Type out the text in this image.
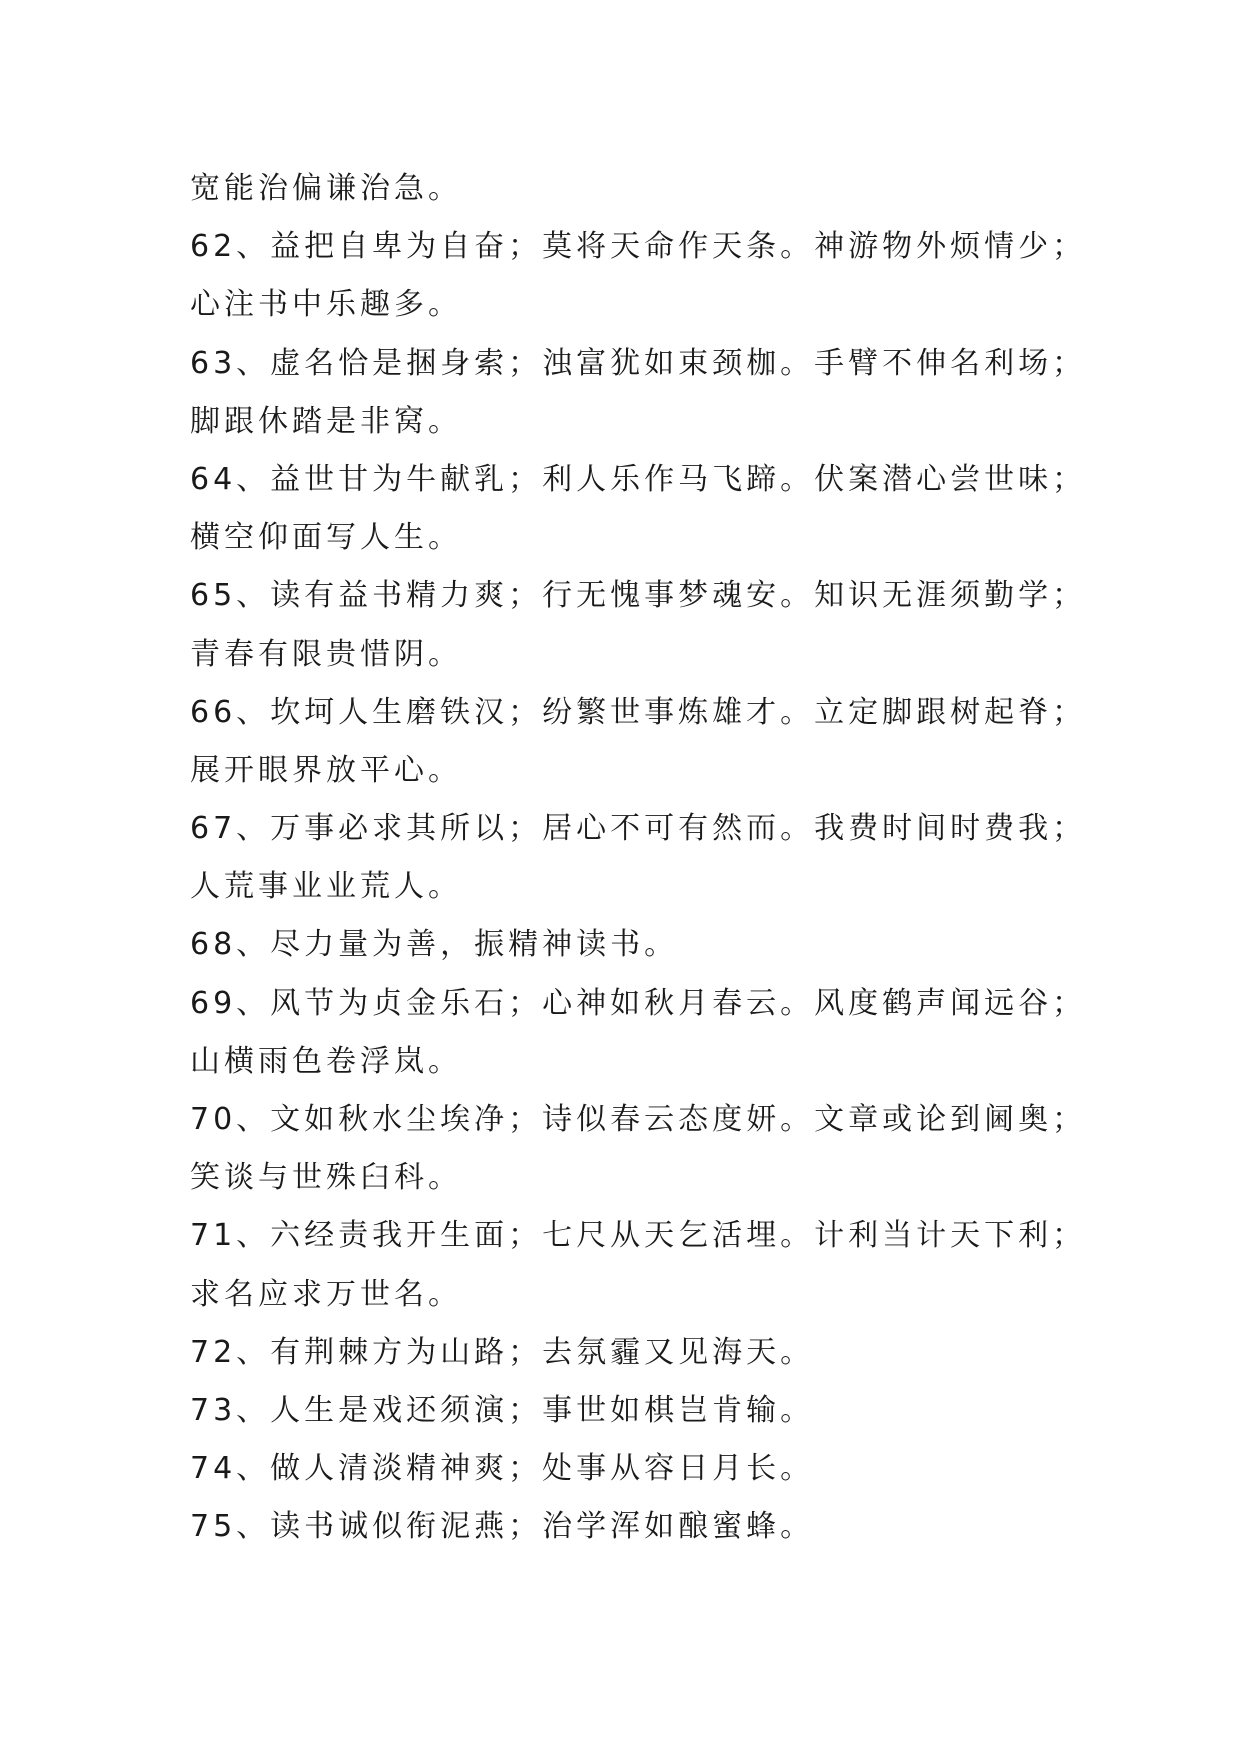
宽能治偏谦治急。
62、益把自卑为自奋；莫将天命作天条。神游物外烦情少；
心注书中乐趣多。
63、虚名恰是捆身索；浊富犹如束颈枷。手臂不伸名利场；
脚跟休踏是非窝。
64、益世甘为牛献乳；利人乐作马飞蹄。伏案潜心尝世味；
横空仰面写人生。
65、读有益书精力爽；行无愧事梦魂安。知识无涯须勤学；
青春有限贵惜阴。
66、坎坷人生磨铁汉；纷繁世事炼雄才。立定脚跟树起脊；
展开眼界放平心。
67、万事必求其所以；居心不可有然而。我费时间时费我；
人荒事业业荒人。
68、尽力量为善，振精神读书。
69、风节为贞金乐石；心神如秋月春云。风度鹤声闻远谷；
山横雨色卷浮岚。
70、文如秋水尘埃净；诗似春云态度妍。文章或论到阃奥；
笑谈与世殊臼科。
71、六经责我开生面；七尺从天乞活埋。计利当计天下利；
求名应求万世名。
72、有荆棘方为山路；去氛霾又见海天。
73、人生是戏还须演；事世如棋岂肯输。
74、做人清淡精神爽；处事从容日月长。
75、读书诚似衔泥燕；治学浑如酿蜜蜂。
